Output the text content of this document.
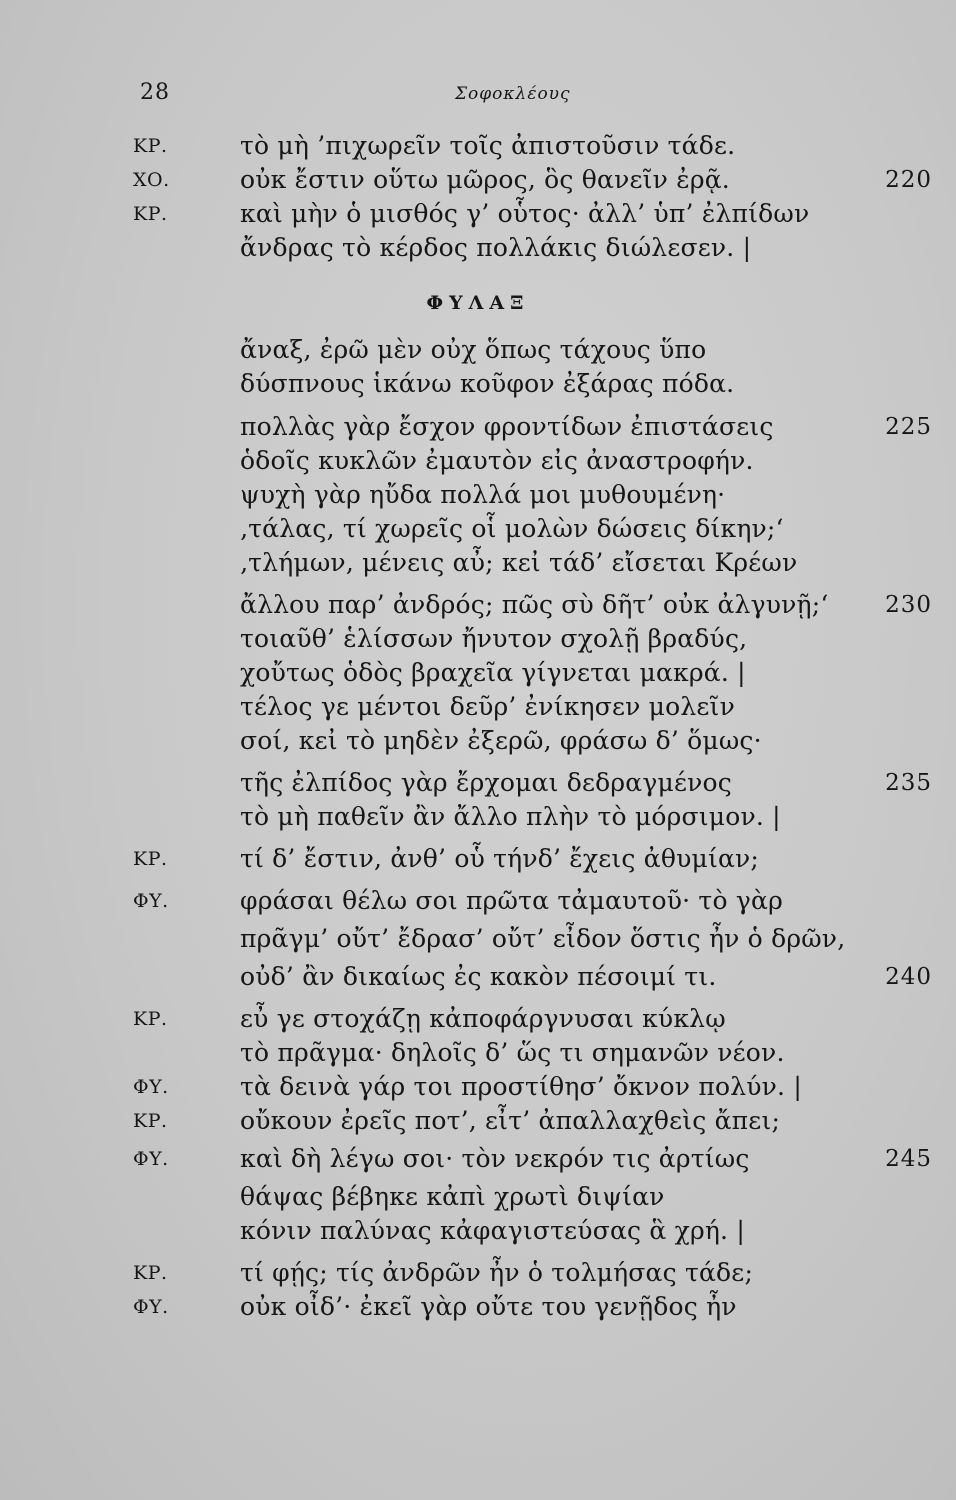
28	Σοφοκλέους
ΦΥΛΑΞ
ΚΡ.	τὸ μὴ ’πιχωρεῖν τοῖς ἀπιστοῦσιν τάδε.
ΧΟ.	οὐκ ἔστιν οὕτω μῶρος, ὃς θανεῖν ἐρᾷ.	220
ΚΡ.	καὶ μὴν ὁ μισθός γ’ οὗτος· ἀλλ’ ὑπ’ ἐλπίδων
ἄνδρας τὸ κέρδος πολλάκις διώλεσεν. |
ἄναξ, ἐρῶ μὲν οὐχ ὅπως τάχους ὕπο
δύσπνους ἱκάνω κοῦφον ἐξάρας πόδα.
πολλὰς γὰρ ἔσχον φροντίδων ἐπιστάσεις	225
ὁδοῖς κυκλῶν ἐμαυτὸν εἰς ἀναστροφήν.
ψυχὴ γὰρ ηὔδα πολλά μοι μυθουμένη·
‚τάλας, τί χωρεῖς οἷ μολὼν δώσεις δίκην;‘
‚τλήμων, μένεις αὖ; κεἰ τάδ’ εἴσεται Κρέων
ἄλλου παρ’ ἀνδρός; πῶς σὺ δῆτ’ οὐκ ἀλγυνῇ;‘ 230
τοιαῦθ’ ἑλίσσων ἤνυτον σχολῇ βραδύς,
χοὔτως ὁδὸς βραχεῖα γίγνεται μακρά. |
τέλος γε μέντοι δεῦρ’ ἐνίκησεν μολεῖν
σοί, κεἰ τὸ μηδὲν ἐξερῶ, φράσω δ’ ὅμως·
τῆς ἐλπίδος γὰρ ἔρχομαι δεδραγμένος	235
τὸ μὴ παθεῖν ἂν ἄλλο πλὴν τὸ μόρσιμον. |
ΚΡ.	τί δ’ ἔστιν, ἀνθ’ οὗ τήνδ’ ἔχεις ἀθυμίαν;
ΦΥ.	φράσαι θέλω σοι πρῶτα τἀμαυτοῦ· τὸ γὰρ
πρᾶγμ’ οὔτ’ ἔδρασ’ οὔτ’ εἶδον ὅστις ἦν ὁ δρῶν,
οὐδ’ ἂν δικαίως ἐς κακὸν πέσοιμί τι.	240
ΚΡ.	εὖ γε στοχάζῃ κἀποφάργνυσαι κύκλῳ
τὸ πρᾶγμα· δηλοῖς δ’ ὥς τι σημανῶν νέον.
ΦΥ.	τὰ δεινὰ γάρ τοι προστίθησ’ ὄκνον πολύν. |
ΚΡ.	οὔκουν ἐρεῖς ποτ’, εἶτ’ ἀπαλλαχθεὶς ἄπει;
ΦΥ.	καὶ δὴ λέγω σοι· τὸν νεκρόν τις ἀρτίως	245
θάψας βέβηκε κἀπὶ χρωτὶ διψίαν
κόνιν παλύνας κἀφαγιστεύσας ἃ χρή. |
ΚΡ.	τί φῄς; τίς ἀνδρῶν ἦν ὁ τολμήσας τάδε;
ΦΥ.	οὐκ οἶδ’· ἐκεῖ γὰρ οὔτε του γενῇδος ἦν
